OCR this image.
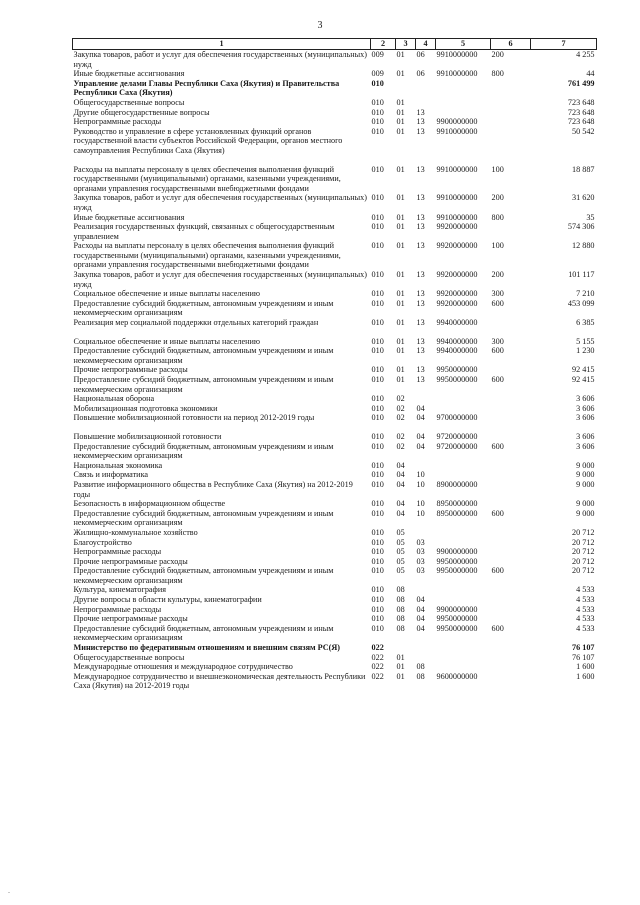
3
1	2	3	4	5	6	7
Закупка товаров, работ и услуг для обеспечения государственных (муниципальных) нужд	009	01	06	9910000000	200	4 255
Иные бюджетные ассигнования	009	01	06	9910000000	800	44
Управление делами Главы Республики Саха (Якутия) и Правительства Республики Саха (Якутия)	010					761 499
Общегосударственные вопросы	010	01				723 648
Другие общегосударственные вопросы	010	01	13			723 648
Непрограммные расходы	010	01	13	9900000000		723 648
Руководство и управление в сфере установленных функций органов государственной власти субъектов Российской Федерации, органов местного самоуправления Республики Саха (Якутия)	010	01	13	9910000000		50 542
Расходы на выплаты персоналу в целях обеспечения выполнения функций государственными (муниципальными) органами, казенными учреждениями, органами управления государственными внебюджетными фондами	010	01	13	9910000000	100	18 887
Закупка товаров, работ и услуг для обеспечения государственных (муниципальных) нужд	010	01	13	9910000000	200	31 620
Иные бюджетные ассигнования	010	01	13	9910000000	800	35
Реализация государственных функций, связанных с общегосударственным управлением	010	01	13	9920000000		574 306
Расходы на выплаты персоналу в целях обеспечения выполнения функций государственными (муниципальными) органами, казенными учреждениями, органами управления государственными внебюджетными фондами	010	01	13	9920000000	100	12 880
Закупка товаров, работ и услуг для обеспечения государственных (муниципальных) нужд	010	01	13	9920000000	200	101 117
Социальное обеспечение и иные выплаты населению	010	01	13	9920000000	300	7 210
Предоставление субсидий бюджетным, автономным учреждениям и иным некоммерческим организациям	010	01	13	9920000000	600	453 099
Реализация мер социальной поддержки отдельных категорий граждан	010	01	13	9940000000		6 385
Социальное обеспечение и иные выплаты населению	010	01	13	9940000000	300	5 155
Предоставление субсидий бюджетным, автономным учреждениям и иным некоммерческим организациям	010	01	13	9940000000	600	1 230
Прочие непрограммные расходы	010	01	13	9950000000		92 415
Предоставление субсидий бюджетным, автономным учреждениям и иным некоммерческим организациям	010	01	13	9950000000	600	92 415
Национальная оборона	010	02				3 606
Мобилизационная подготовка экономики	010	02	04			3 606
Повышение мобилизационной готовности на период 2012-2019 годы	010	02	04	9700000000		3 606
Повышение мобилизационной готовности	010	02	04	9720000000		3 606
Предоставление субсидий бюджетным, автономным учреждениям и иным некоммерческим организациям	010	02	04	9720000000	600	3 606
Национальная экономика	010	04				9 000
Связь и информатика	010	04	10			9 000
Развитие информационного общества в Республике Саха (Якутия) на 2012-2019 годы	010	04	10	8900000000		9 000
Безопасность в информационном обществе	010	04	10	8950000000		9 000
Предоставление субсидий бюджетным, автономным учреждениям и иным некоммерческим организациям	010	04	10	8950000000	600	9 000
Жилищно-коммунальное хозяйство	010	05				20 712
Благоустройство	010	05	03			20 712
Непрограммные расходы	010	05	03	9900000000		20 712
Прочие непрограммные расходы	010	05	03	9950000000		20 712
Предоставление субсидий бюджетным, автономным учреждениям и иным некоммерческим организациям	010	05	03	9950000000	600	20 712
Культура, кинематография	010	08				4 533
Другие вопросы в области культуры, кинематографии	010	08	04			4 533
Непрограммные расходы	010	08	04	9900000000		4 533
Прочие непрограммные расходы	010	08	04	9950000000		4 533
Предоставление субсидий бюджетным, автономным учреждениям и иным некоммерческим организациям	010	08	04	9950000000	600	4 533
Министерство по федеративным отношениям и внешним связям РС(Я)	022					76 107
Общегосударственные вопросы	022	01				76 107
Международные отношения и международное сотрудничество	022	01	08			1 600
Международное сотрудничество и внешнеэкономическая деятельность Республики Саха (Якутия) на 2012-2019 годы	022	01	08	9600000000		1 600
.
